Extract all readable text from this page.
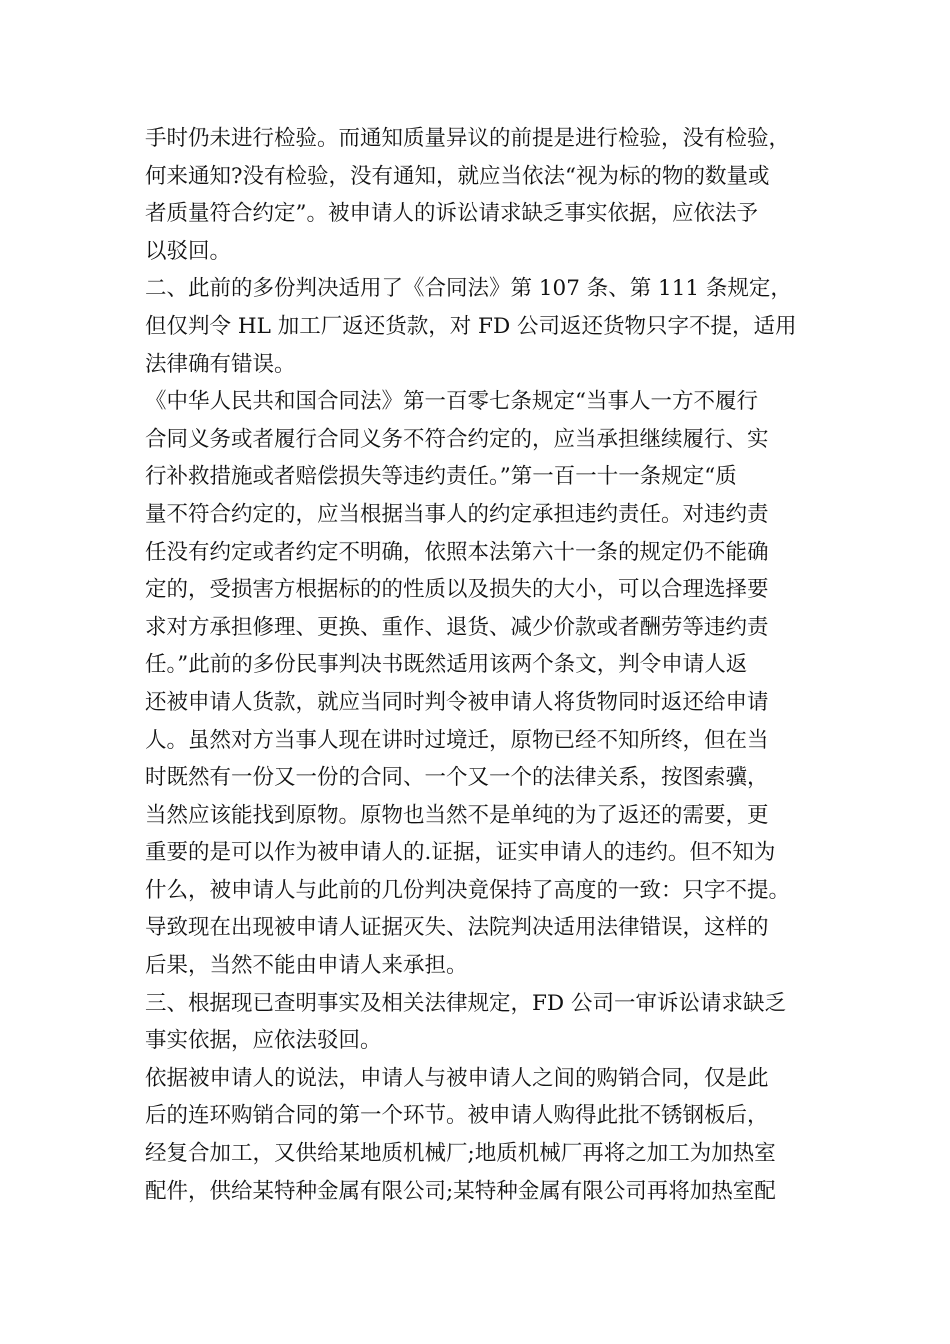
手时仍未进行检验。而通知质量异议的前提是进行检验，没有检验，
何来通知?没有检验，没有通知，就应当依法“视为标的物的数量或
者质量符合约定”。被申请人的诉讼请求缺乏事实依据，应依法予
以驳回。
二、此前的多份判决适用了《合同法》第 107 条、第 111 条规定，
但仅判令 HL 加工厂返还货款，对 FD 公司返还货物只字不提，适用
法律确有错误。
《中华人民共和国合同法》第一百零七条规定“当事人一方不履行
合同义务或者履行合同义务不符合约定的，应当承担继续履行、实
行补救措施或者赔偿损失等违约责任。”第一百一十一条规定“质
量不符合约定的，应当根据当事人的约定承担违约责任。对违约责
任没有约定或者约定不明确，依照本法第六十一条的规定仍不能确
定的，受损害方根据标的的性质以及损失的大小，可以合理选择要
求对方承担修理、更换、重作、退货、减少价款或者酬劳等违约责
任。”此前的多份民事判决书既然适用该两个条文，判令申请人返
还被申请人货款，就应当同时判令被申请人将货物同时返还给申请
人。虽然对方当事人现在讲时过境迁，原物已经不知所终，但在当
时既然有一份又一份的合同、一个又一个的法律关系，按图索骥，
当然应该能找到原物。原物也当然不是单纯的为了返还的需要，更
重要的是可以作为被申请人的.证据，证实申请人的违约。但不知为
什么，被申请人与此前的几份判决竟保持了高度的一致：只字不提。
导致现在出现被申请人证据灭失、法院判决适用法律错误，这样的
后果，当然不能由申请人来承担。
三、根据现已查明事实及相关法律规定，FD 公司一审诉讼请求缺乏
事实依据，应依法驳回。
依据被申请人的说法，申请人与被申请人之间的购销合同，仅是此
后的连环购销合同的第一个环节。被申请人购得此批不锈钢板后，
经复合加工，又供给某地质机械厂;地质机械厂再将之加工为加热室
配件，供给某特种金属有限公司;某特种金属有限公司再将加热室配
